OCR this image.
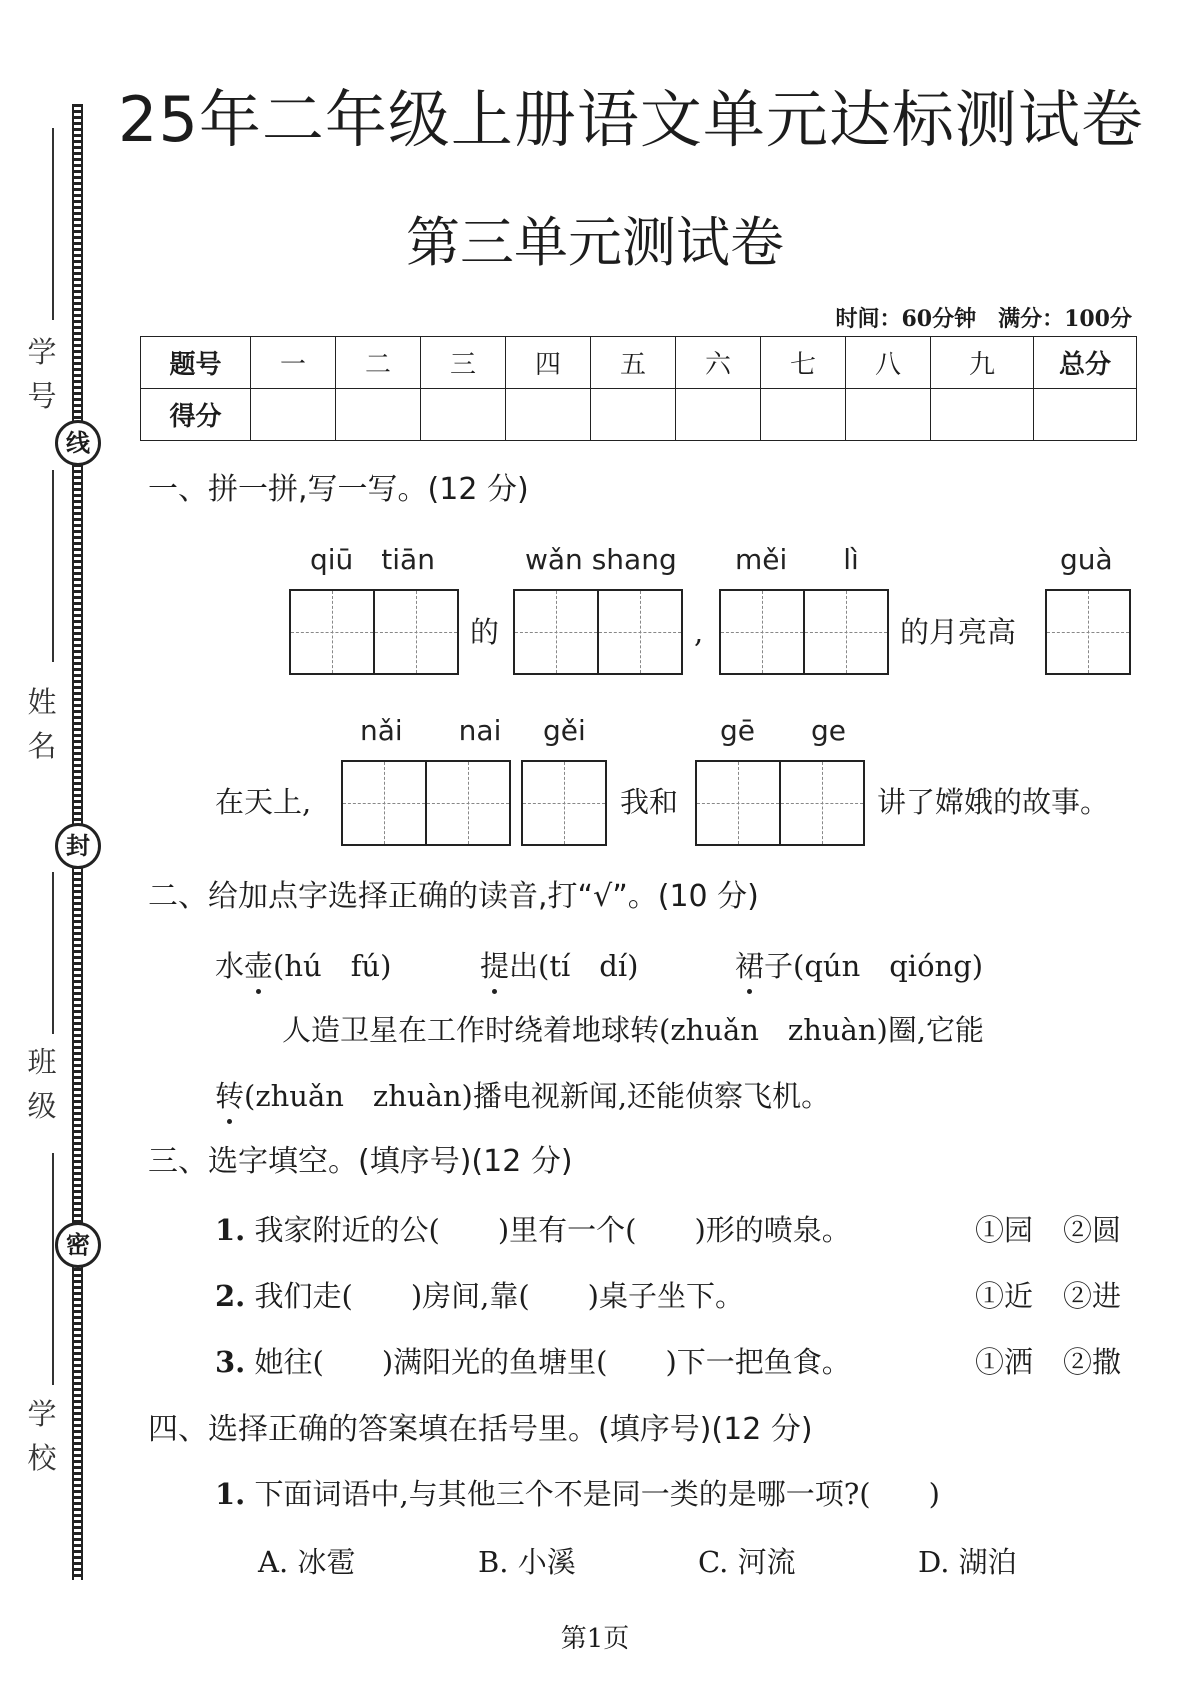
学号
线
姓名
封
班级
密
学校
25年二年级上册语文单元达标测试卷
第三单元测试卷
时间：60分钟　满分：100分
题号	一	二	三	四	五	六	七	八	九	总分
得分										
一、拼一拼,写一写。(12 分)
qiū　tiān	wǎn shang měi　　lì	guà
的	,	的月亮高
nǎi　　nai gěi	gē　　ge
在天上,	我和	讲了嫦娥的故事。
二、给加点字选择正确的读音,打“√”。(10 分)
水壶(hú　fú)	提出(tí　dí)	裙子(qún　qióng)
人造卫星在工作时绕着地球转(zhuǎn　zhuàn)圈,它能
转(zhuǎn　zhuàn)播电视新闻,还能侦察飞机。
三、选字填空。(填序号)(12 分)
1. 我家附近的公(　　)里有一个(　　)形的喷泉。	①园 ②圆
2. 我们走(　　)房间,靠(　　)桌子坐下。	①近 ②进
3. 她往(　　)满阳光的鱼塘里(　　)下一把鱼食。	①洒 ②撒
四、选择正确的答案填在括号里。(填序号)(12 分)
1. 下面词语中,与其他三个不是同一类的是哪一项?(　　)
A. 冰雹	B. 小溪	C. 河流	D. 湖泊
第1页
